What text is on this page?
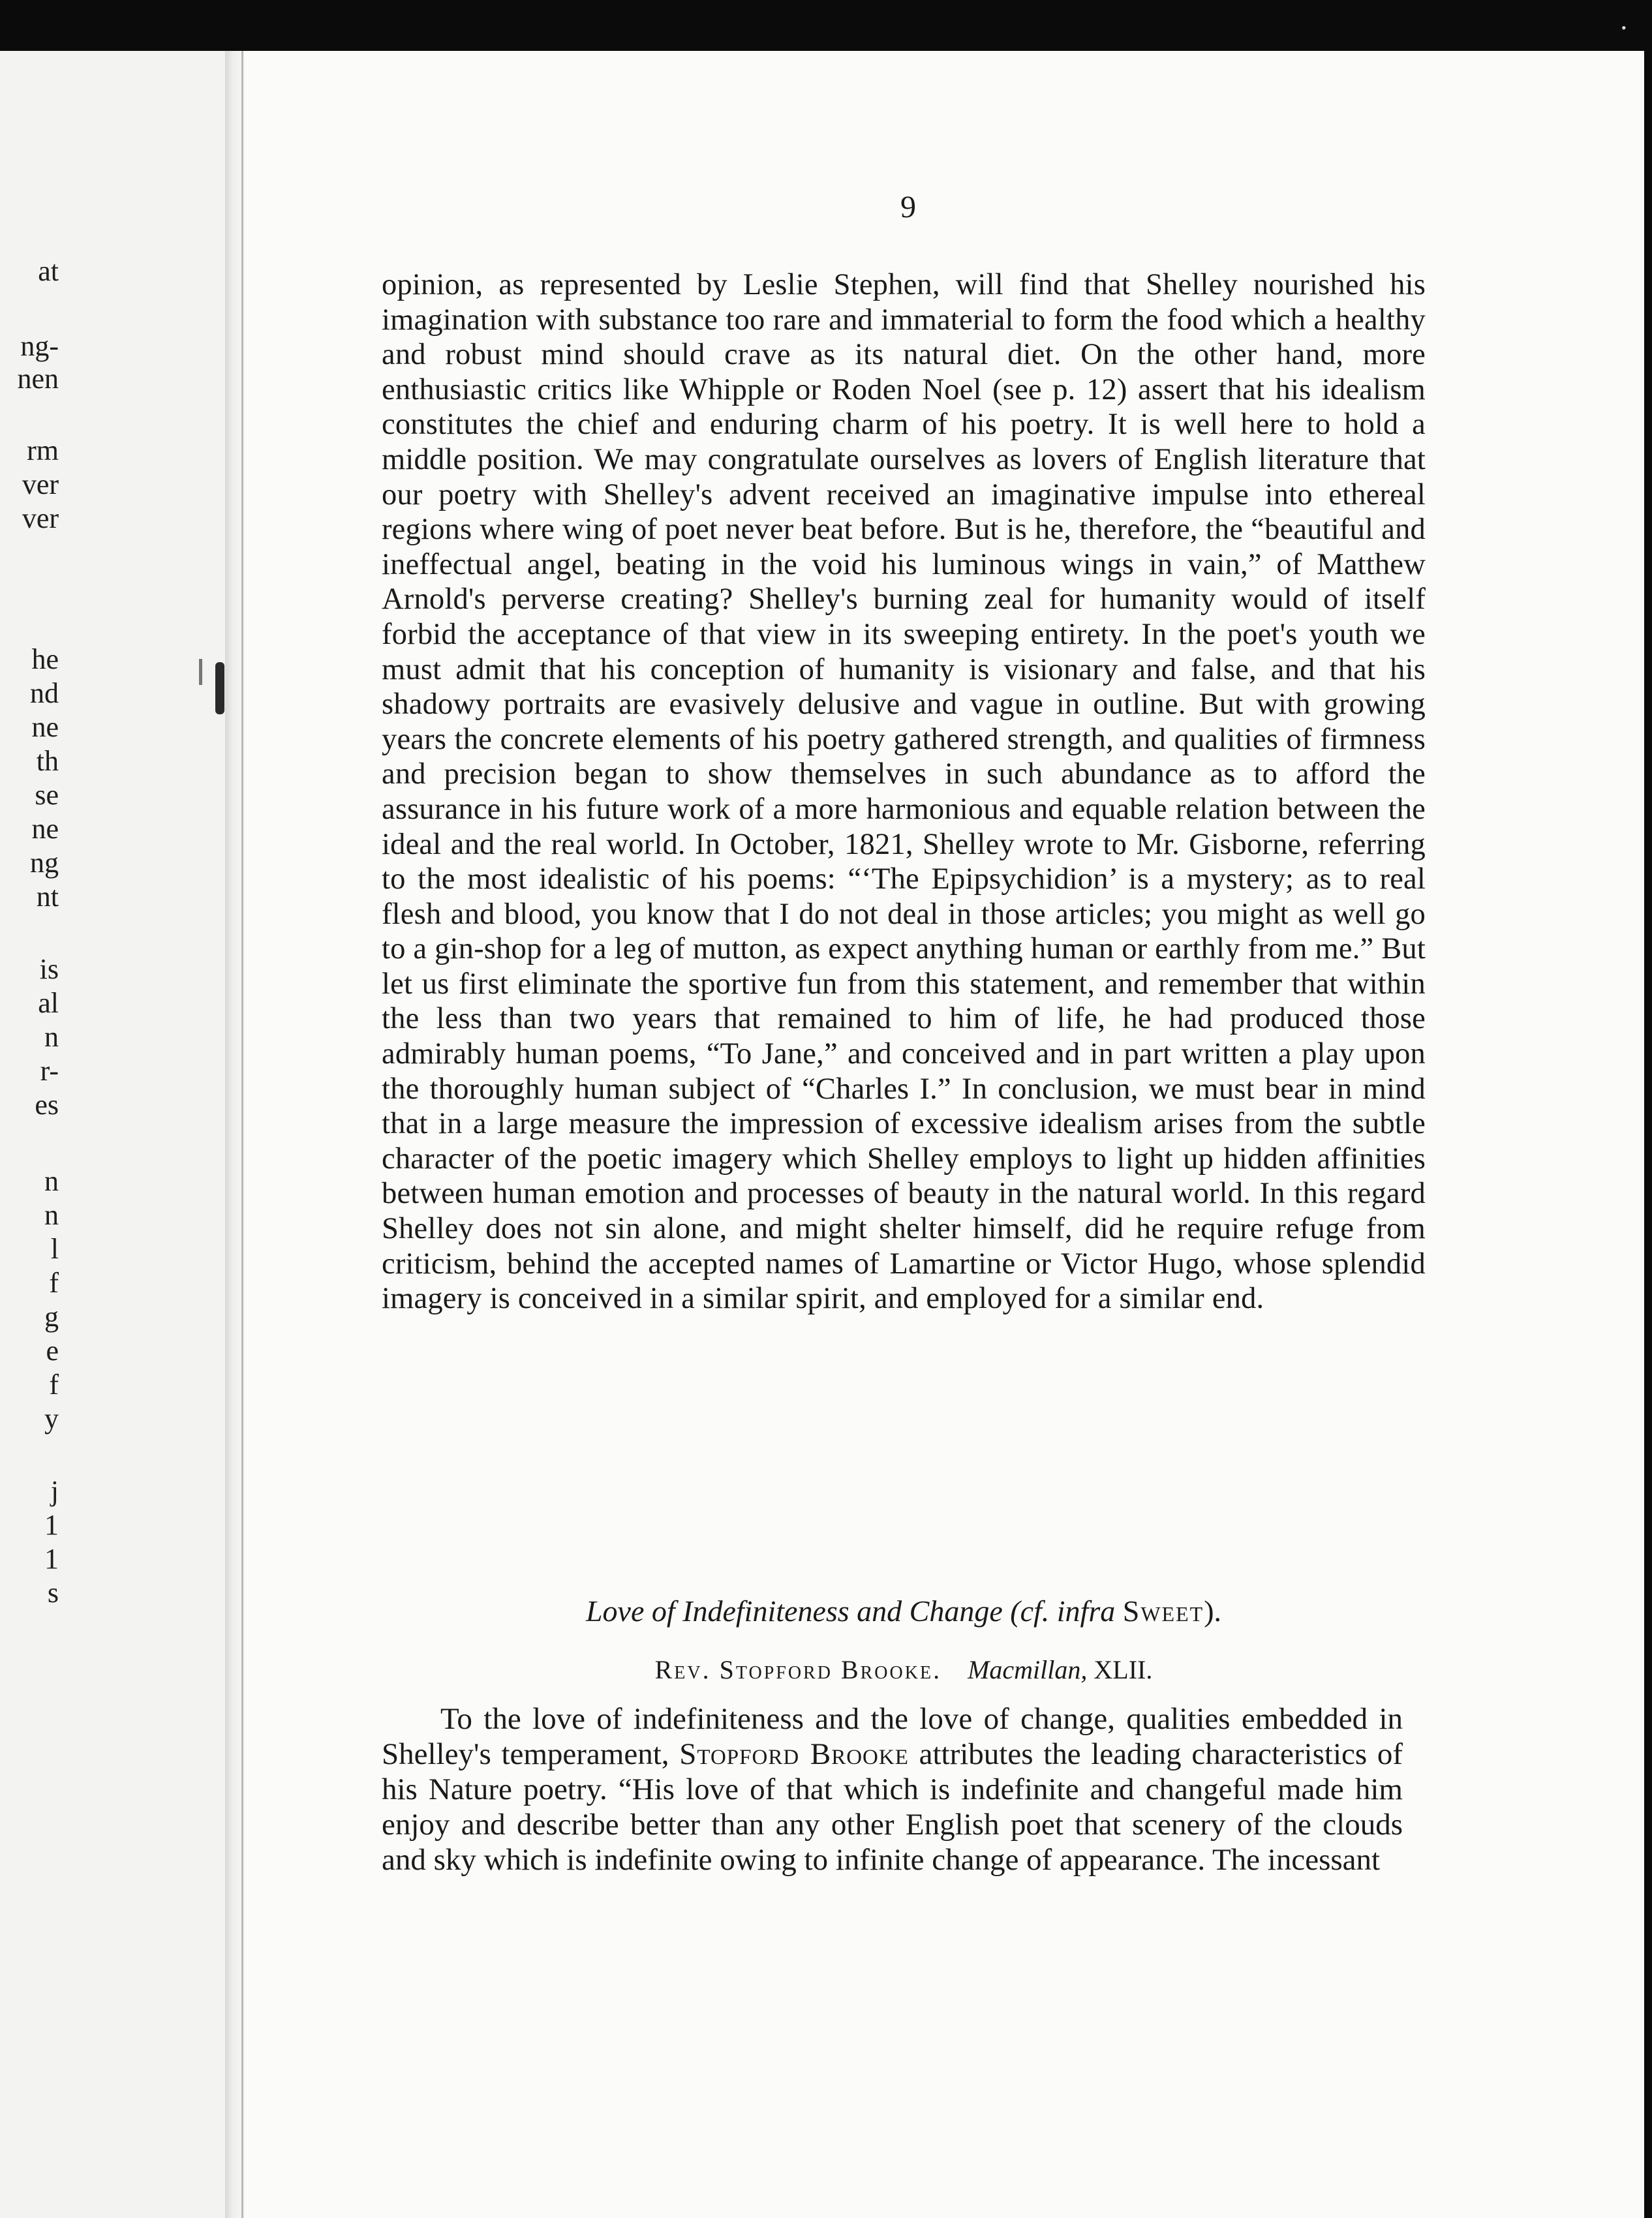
•
at
ng-
nen
rm
ver
ver
he
nd
ne
th
se
ne
ng
nt
is
al
n
r-
es
n
n
l
f
g
e
f
y
j
1
1
s
9
opinion, as represented by Leslie Stephen, will find that Shelley nourished his imagination with substance too rare and immaterial to form the food which a healthy and robust mind should crave as its natural diet. On the other hand, more enthusiastic critics like Whipple or Roden Noel (see p. 12) assert that his idealism constitutes the chief and enduring charm of his poetry. It is well here to hold a middle position. We may congratulate ourselves as lovers of English literature that our poetry with Shelley's advent received an imaginative impulse into ethereal regions where wing of poet never beat before. But is he, therefore, the “beautiful and ineffectual angel, beating in the void his luminous wings in vain,” of Matthew Arnold's perverse creating? Shelley's burning zeal for humanity would of itself forbid the acceptance of that view in its sweeping entirety. In the poet's youth we must admit that his conception of humanity is visionary and false, and that his shadowy portraits are evasively delusive and vague in outline. But with growing years the concrete elements of his poetry gathered strength, and qualities of firmness and precision began to show themselves in such abundance as to afford the assurance in his future work of a more harmonious and equable relation between the ideal and the real world. In October, 1821, Shelley wrote to Mr. Gisborne, referring to the most idealistic of his poems: “‘The Epipsychidion’ is a mystery; as to real flesh and blood, you know that I do not deal in those articles; you might as well go to a gin-shop for a leg of mutton, as expect anything human or earthly from me.” But let us first eliminate the sportive fun from this statement, and remember that within the less than two years that remained to him of life, he had produced those admirably human poems, “To Jane,” and conceived and in part written a play upon the thoroughly human subject of “Charles I.” In conclusion, we must bear in mind that in a large measure the impression of excessive idealism arises from the subtle character of the poetic imagery which Shelley employs to light up hidden affinities between human emotion and processes of beauty in the natural world. In this regard Shelley does not sin alone, and might shelter himself, did he require refuge from criticism, behind the accepted names of Lamartine or Victor Hugo, whose splendid imagery is conceived in a similar spirit, and employed for a similar end.
Love of Indefiniteness and Change (cf. infra Sweet).
Rev. Stopford Brooke. Macmillan, XLII.
To the love of indefiniteness and the love of change, qualities embedded in Shelley's temperament, Stopford Brooke attributes the leading characteristics of his Nature poetry. “His love of that which is indefinite and changeful made him enjoy and describe better than any other English poet that scenery of the clouds and sky which is indefinite owing to infinite change of appearance. The incessant
